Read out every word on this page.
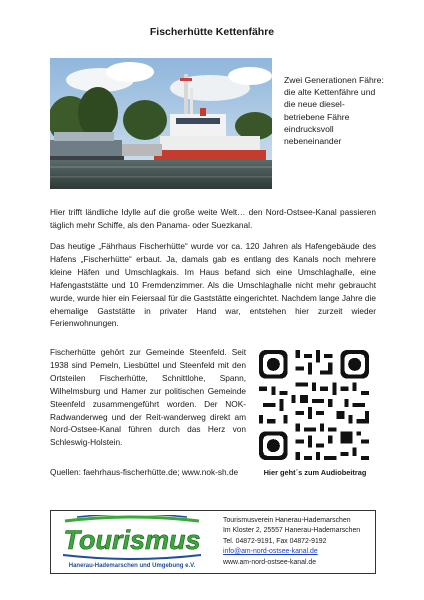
Fischerhütte Kettenfähre
Zwei Generationen Fähre: die alte Kettenfähre und die neue diesel-betriebene Fähre eindrucksvoll nebeneinander

Hier trifft ländliche Idylle auf die große weite Welt… den Nord-Ostsee-Kanal passieren täglich mehr Schiffe, als den Panama- oder Suezkanal.

Das heutige „Fährhaus Fischerhütte“ wurde vor ca. 120 Jahren als Hafengebäude des Hafens „Fischerhütte“ erbaut. Ja, damals gab es entlang des Kanals noch mehrere kleine Häfen und Umschlagkais. Im Haus befand sich eine Umschlaghalle, eine Hafengaststätte und 10 Fremdenzimmer. Als die Umschlaghalle nicht mehr gebraucht wurde, wurde hier ein Feiersaal für die Gaststätte eingerichtet. Nachdem lange Jahre die ehemalige Gaststätte in privater Hand war, entstehen hier zurzeit wieder Ferienwohnungen.

Fischerhütte gehört zur Gemeinde Steenfeld. Seit 1938 sind Pemeln, Liesbüttel und Steenfeld mit den Ortsteilen Fischerhütte, Schnittlohe, Spann, Wilhelmsburg und Hamer zur politischen Gemeinde Steenfeld zusammengeführt worden. Der NOK-Radwanderweg und der Reit-wanderweg direkt am Nord-Ostsee-Kanal führen durch das Herz von Schleswig-Holstein.

Quellen: faehrhaus-fischerhütte.de; www.nok-sh.de	Hier geht´s zum Audiobeitrag
Tourismus
Hanerau-Hademarschen und Umgebung e.V.
Tourismusverein Hanerau-Hademarschen
Im Kloster 2, 25557 Hanerau-Hademarschen
Tel. 04872-9191, Fax 04872-9192
info@am-nord-ostsee-kanal.de
www.am-nord-ostsee-kanal.de
